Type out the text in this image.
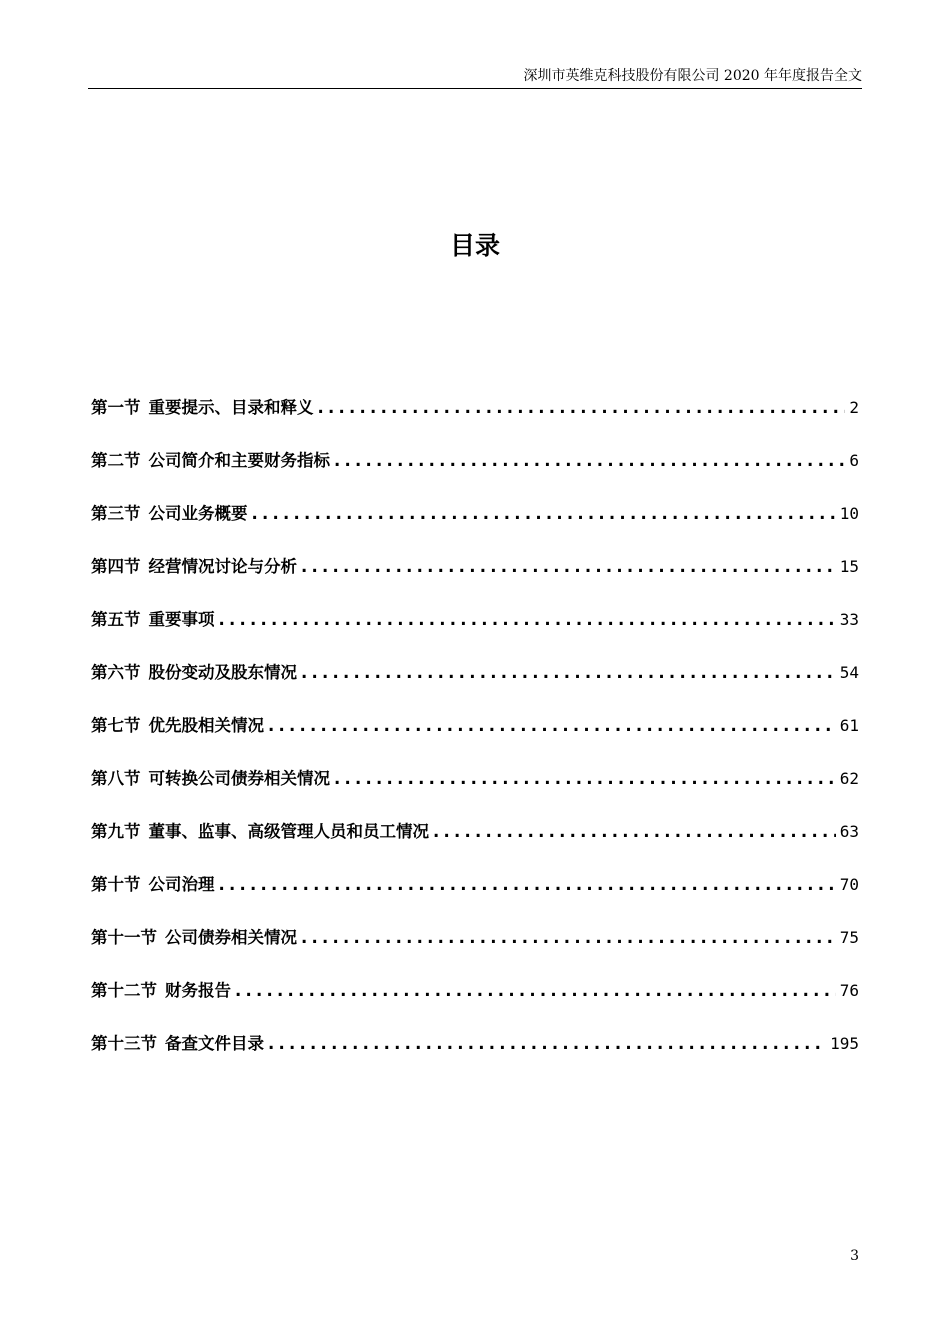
深圳市英维克科技股份有限公司 2020 年年度报告全文
目录
第一节 重要提示、目录和释义 . . .	2
第二节 公司简介和主要财务指标 . . .	6
第三节 公司业务概要 . . .	10
第四节 经营情况讨论与分析 . . .	15
第五节 重要事项 . . .	33
第六节 股份变动及股东情况 . . .	54
第七节 优先股相关情况 . . .	61
第八节 可转换公司债券相关情况 . . .	62
第九节 董事、监事、高级管理人员和员工情况 . . .	63
第十节 公司治理 . . .	70
第十一节 公司债券相关情况 . . .	75
第十二节 财务报告 . . .	76
第十三节 备查文件目录 . . .	195
3
